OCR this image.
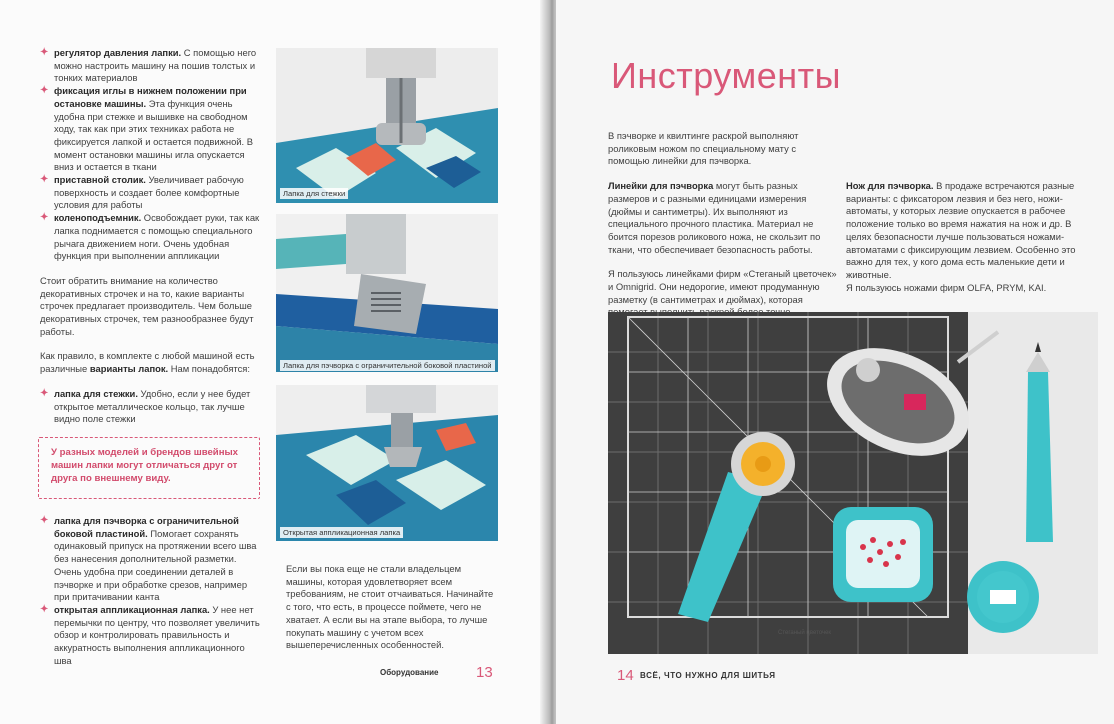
✦ регулятор давления лапки. С помощью него можно настроить машину на пошив толстых и тонких материалов
✦ фиксация иглы в нижнем положении при остановке машины. Эта функция очень удобна при стежке и вышивке на свободном ходу, так как при этих техниках работа не фиксируется лапкой и остается подвижной. В момент остановки машины игла опускается вниз и остается в ткани
✦ приставной столик. Увеличивает рабочую поверхность и создает более комфортные условия для работы
✦ коленоподъемник. Освобождает руки, так как лапка поднимается с помощью специального рычага движением ноги. Очень удобная функция при выполнении аппликации
Стоит обратить внимание на количество декоративных строчек и на то, какие варианты строчек предлагает производитель. Чем больше декоративных строчек, тем разнообразнее будут работы.
Как правило, в комплекте с любой машиной есть различные варианты лапок. Нам понадобятся:
✦ лапка для стежки. Удобно, если у нее будет открытое металлическое кольцо, так лучше видно поле стежки
У разных моделей и брендов швейных машин лапки могут отличаться друг от друга по внешнему виду.
✦ лапка для пэчворка с ограничительной боковой пластиной. Помогает сохранять одинаковый припуск на протяжении всего шва без нанесения дополнительной разметки. Очень удобна при соединении деталей в пэчворке и при обработке срезов, например при притачивании канта
✦ открытая аппликационная лапка. У нее нет перемычки по центру, что позволяет увеличить обзор и контролировать правильность и аккуратность выполнения аппликационного шва
Если вы пока еще не стали владельцем машины, которая удовлетворяет всем требованиям, не стоит отчаиваться. Начинайте с того, что есть, в процессе поймете, чего не хватает. А если вы на этапе выбора, то лучше покупать машину с учетом всех вышеперечисленных особенностей.
Лапка для стежки
Лапка для пэчворка с ограничительной боковой пластиной
Открытая аппликационная лапка
Оборудование 13
Инструменты
В пэчворке и квилтинге раскрой выполняют роликовым ножом по специальному мату с помощью линейки для пэчворка.
Линейки для пэчворка могут быть разных размеров и с разными единицами измерения (дюймы и сантиметры). Их выполняют из специального прочного пластика. Материал не боится порезов роликового ножа, не скользит по ткани, что обеспечивает безопасность работы.
Я пользуюсь линейками фирм «Стеганый цветочек» и Omnigrid. Они недорогие, имеют продуманную разметку (в сантиметрах и дюймах), которая
Нож для пэчворка. В продаже встречаются разные варианты: с фиксатором лезвия и без него, ножи-автоматы, у которых лезвие опускается в рабочее положение только во время нажатия на нож и др. В целях безопасности лучше пользоваться ножами-автоматами с фиксирующим лезвием. Особенно это важно для тех, у кого дома есть маленькие дети и животные.
Я пользуюсь ножами фирм OLFA, PRYM, KAI.
Стеганый цветочек
14 ВСЁ, ЧТО НУЖНО ДЛЯ ШИТЬЯ
